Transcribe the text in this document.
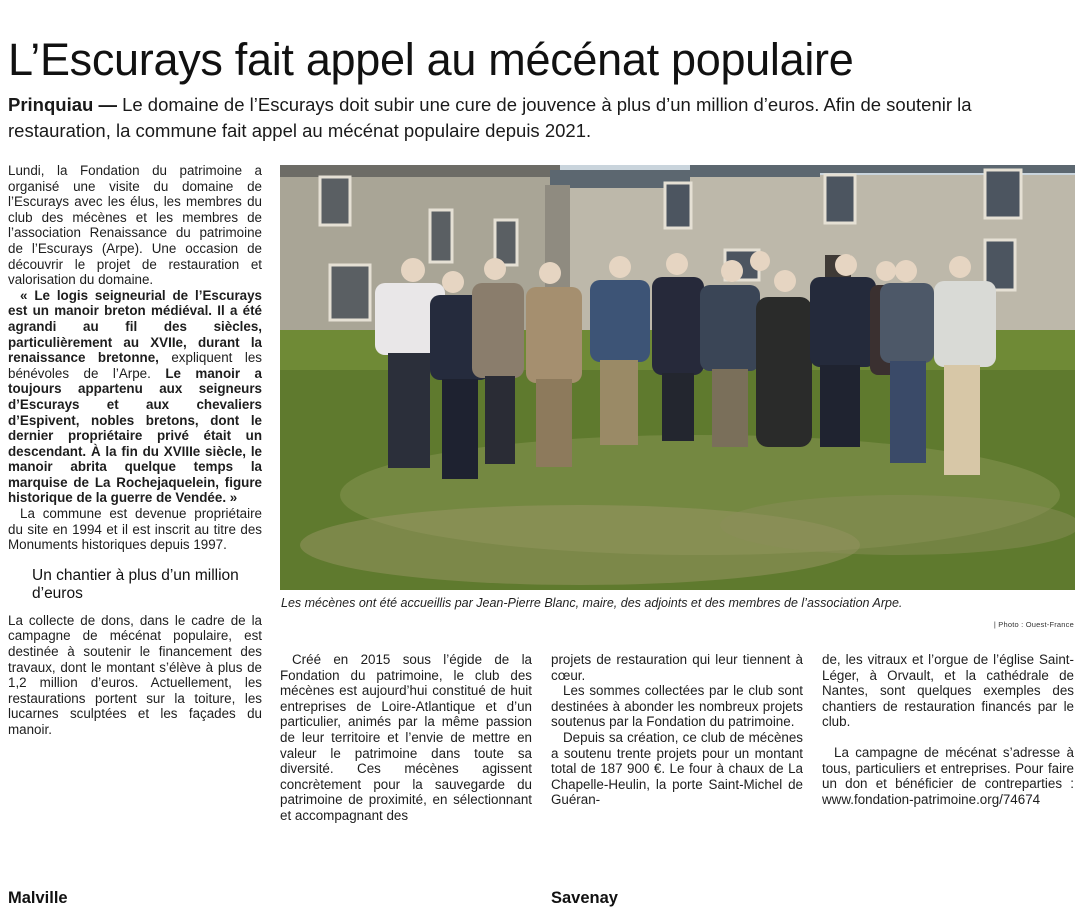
L’Escurays fait appel au mécénat populaire

Prinquiau — Le domaine de l’Escurays doit subir une cure de jouvence à plus d’un million d’euros. Afin de soutenir la restauration, la commune fait appel au mécénat populaire depuis 2021.

Lundi, la Fondation du patrimoine a organisé une visite du domaine de l’Escurays avec les élus, les membres du club des mécènes et les membres de l’association Renaissance du patrimoine de l’Escurays (Arpe). Une occasion de découvrir le projet de restauration et valorisation du domaine.

« Le logis seigneurial de l’Escurays est un manoir breton médiéval. Il a été agrandi au fil des siècles, particulièrement au XVIIe, durant la renaissance bretonne, expliquent les bénévoles de l’Arpe. Le manoir a toujours appartenu aux seigneurs d’Escurays et aux chevaliers d’Espivent, nobles bretons, dont le dernier propriétaire privé était un descendant. À la fin du XVIIIe siècle, le manoir abrita quelque temps la marquise de La Rochejaquelein, figure historique de la guerre de Vendée. »

La commune est devenue propriétaire du site en 1994 et il est inscrit au titre des Monuments historiques depuis 1997.

Un chantier à plus d’un million d’euros

La collecte de dons, dans le cadre de la campagne de mécénat populaire, est destinée à soutenir le financement des travaux, dont le montant s’élève à plus de 1,2 million d’euros. Actuellement, les restaurations portent sur la toiture, les lucarnes sculptées et les façades du manoir.

Les mécènes ont été accueillis par Jean-Pierre Blanc, maire, des adjoints et des membres de l’association Arpe.
| Photo : Ouest-France

Créé en 2015 sous l’égide de la Fondation du patrimoine, le club des mécènes est aujourd’hui constitué de huit entreprises de Loire-Atlantique et d’un particulier, animés par la même passion de leur territoire et l’envie de mettre en valeur le patrimoine dans toute sa diversité. Ces mécènes agissent concrètement pour la sauvegarde du patrimoine de proximité, en sélectionnant et accompagnant des

projets de restauration qui leur tiennent à cœur.

Les sommes collectées par le club sont destinées à abonder les nombreux projets soutenus par la Fondation du patrimoine.

Depuis sa création, ce club de mécènes a soutenu trente projets pour un montant total de 187 900 €. Le four à chaux de La Chapelle-Heulin, la porte Saint-Michel de Guéran-

de, les vitraux et l’orgue de l’église Saint-Léger, à Orvault, et la cathédrale de Nantes, sont quelques exemples des chantiers de restauration financés par le club.

La campagne de mécénat s’adresse à tous, particuliers et entreprises. Pour faire un don et bénéficier de contreparties : www.fondation-patrimoine.org/74674

Malville	Savenay
